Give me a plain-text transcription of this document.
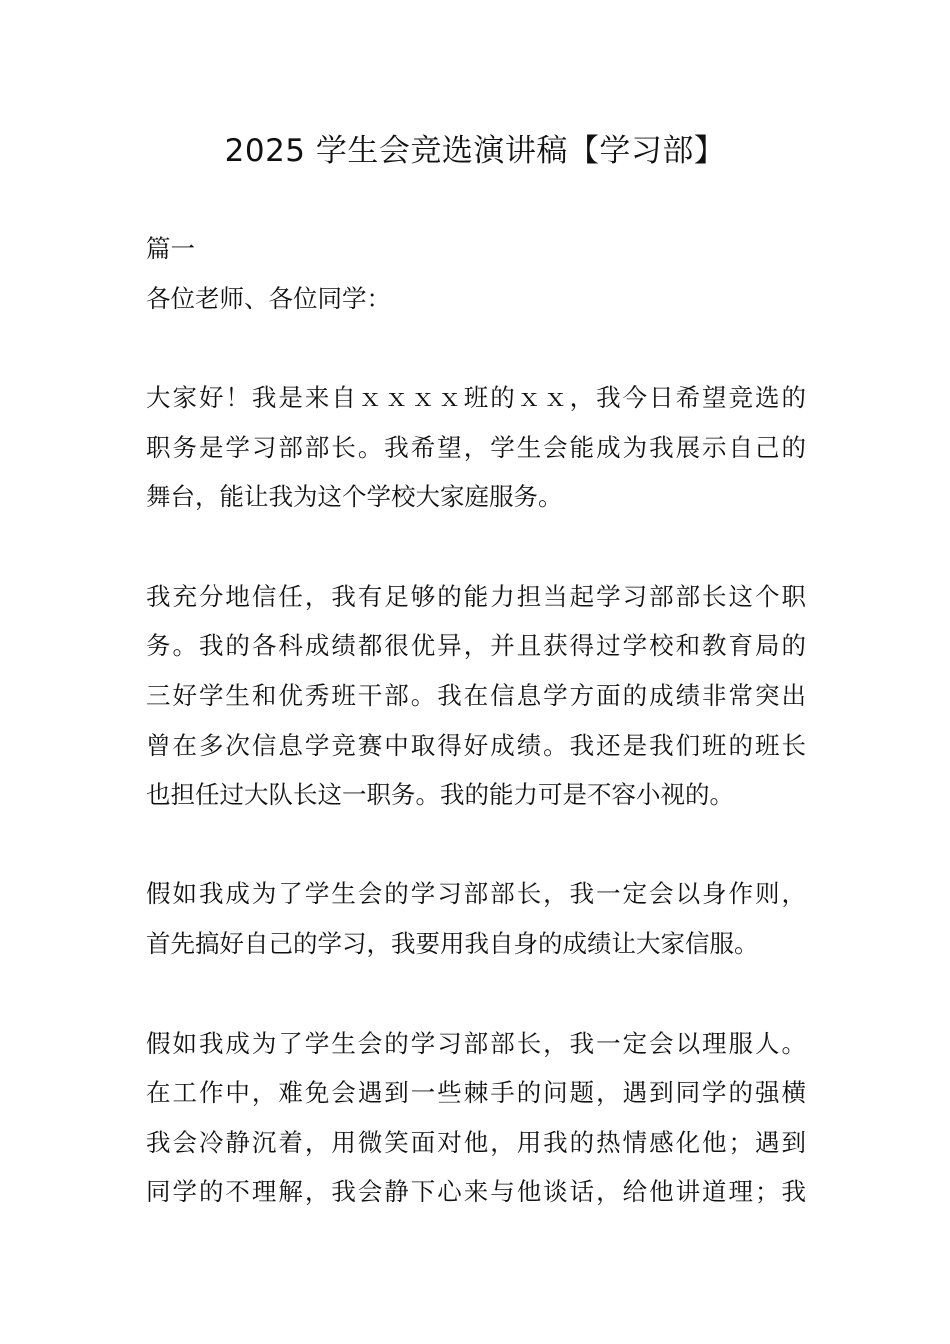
2025 学生会竞选演讲稿【学习部】
篇一
各位老师、各位同学：
大家好！我是来自ｘｘｘｘ班的ｘｘ，我今日希望竞选的
职务是学习部部长。我希望，学生会能成为我展示自己的
舞台，能让我为这个学校大家庭服务。
我充分地信任，我有足够的能力担当起学习部部长这个职
务。我的各科成绩都很优异，并且获得过学校和教育局的
三好学生和优秀班干部。我在信息学方面的成绩非常突出
曾在多次信息学竞赛中取得好成绩。我还是我们班的班长
也担任过大队长这一职务。我的能力可是不容小视的。
假如我成为了学生会的学习部部长，我一定会以身作则，
首先搞好自己的学习，我要用我自身的成绩让大家信服。
假如我成为了学生会的学习部部长，我一定会以理服人。
在工作中，难免会遇到一些棘手的问题，遇到同学的强横
我会冷静沉着，用微笑面对他，用我的热情感化他；遇到
同学的不理解，我会静下心来与他谈话，给他讲道理；我
